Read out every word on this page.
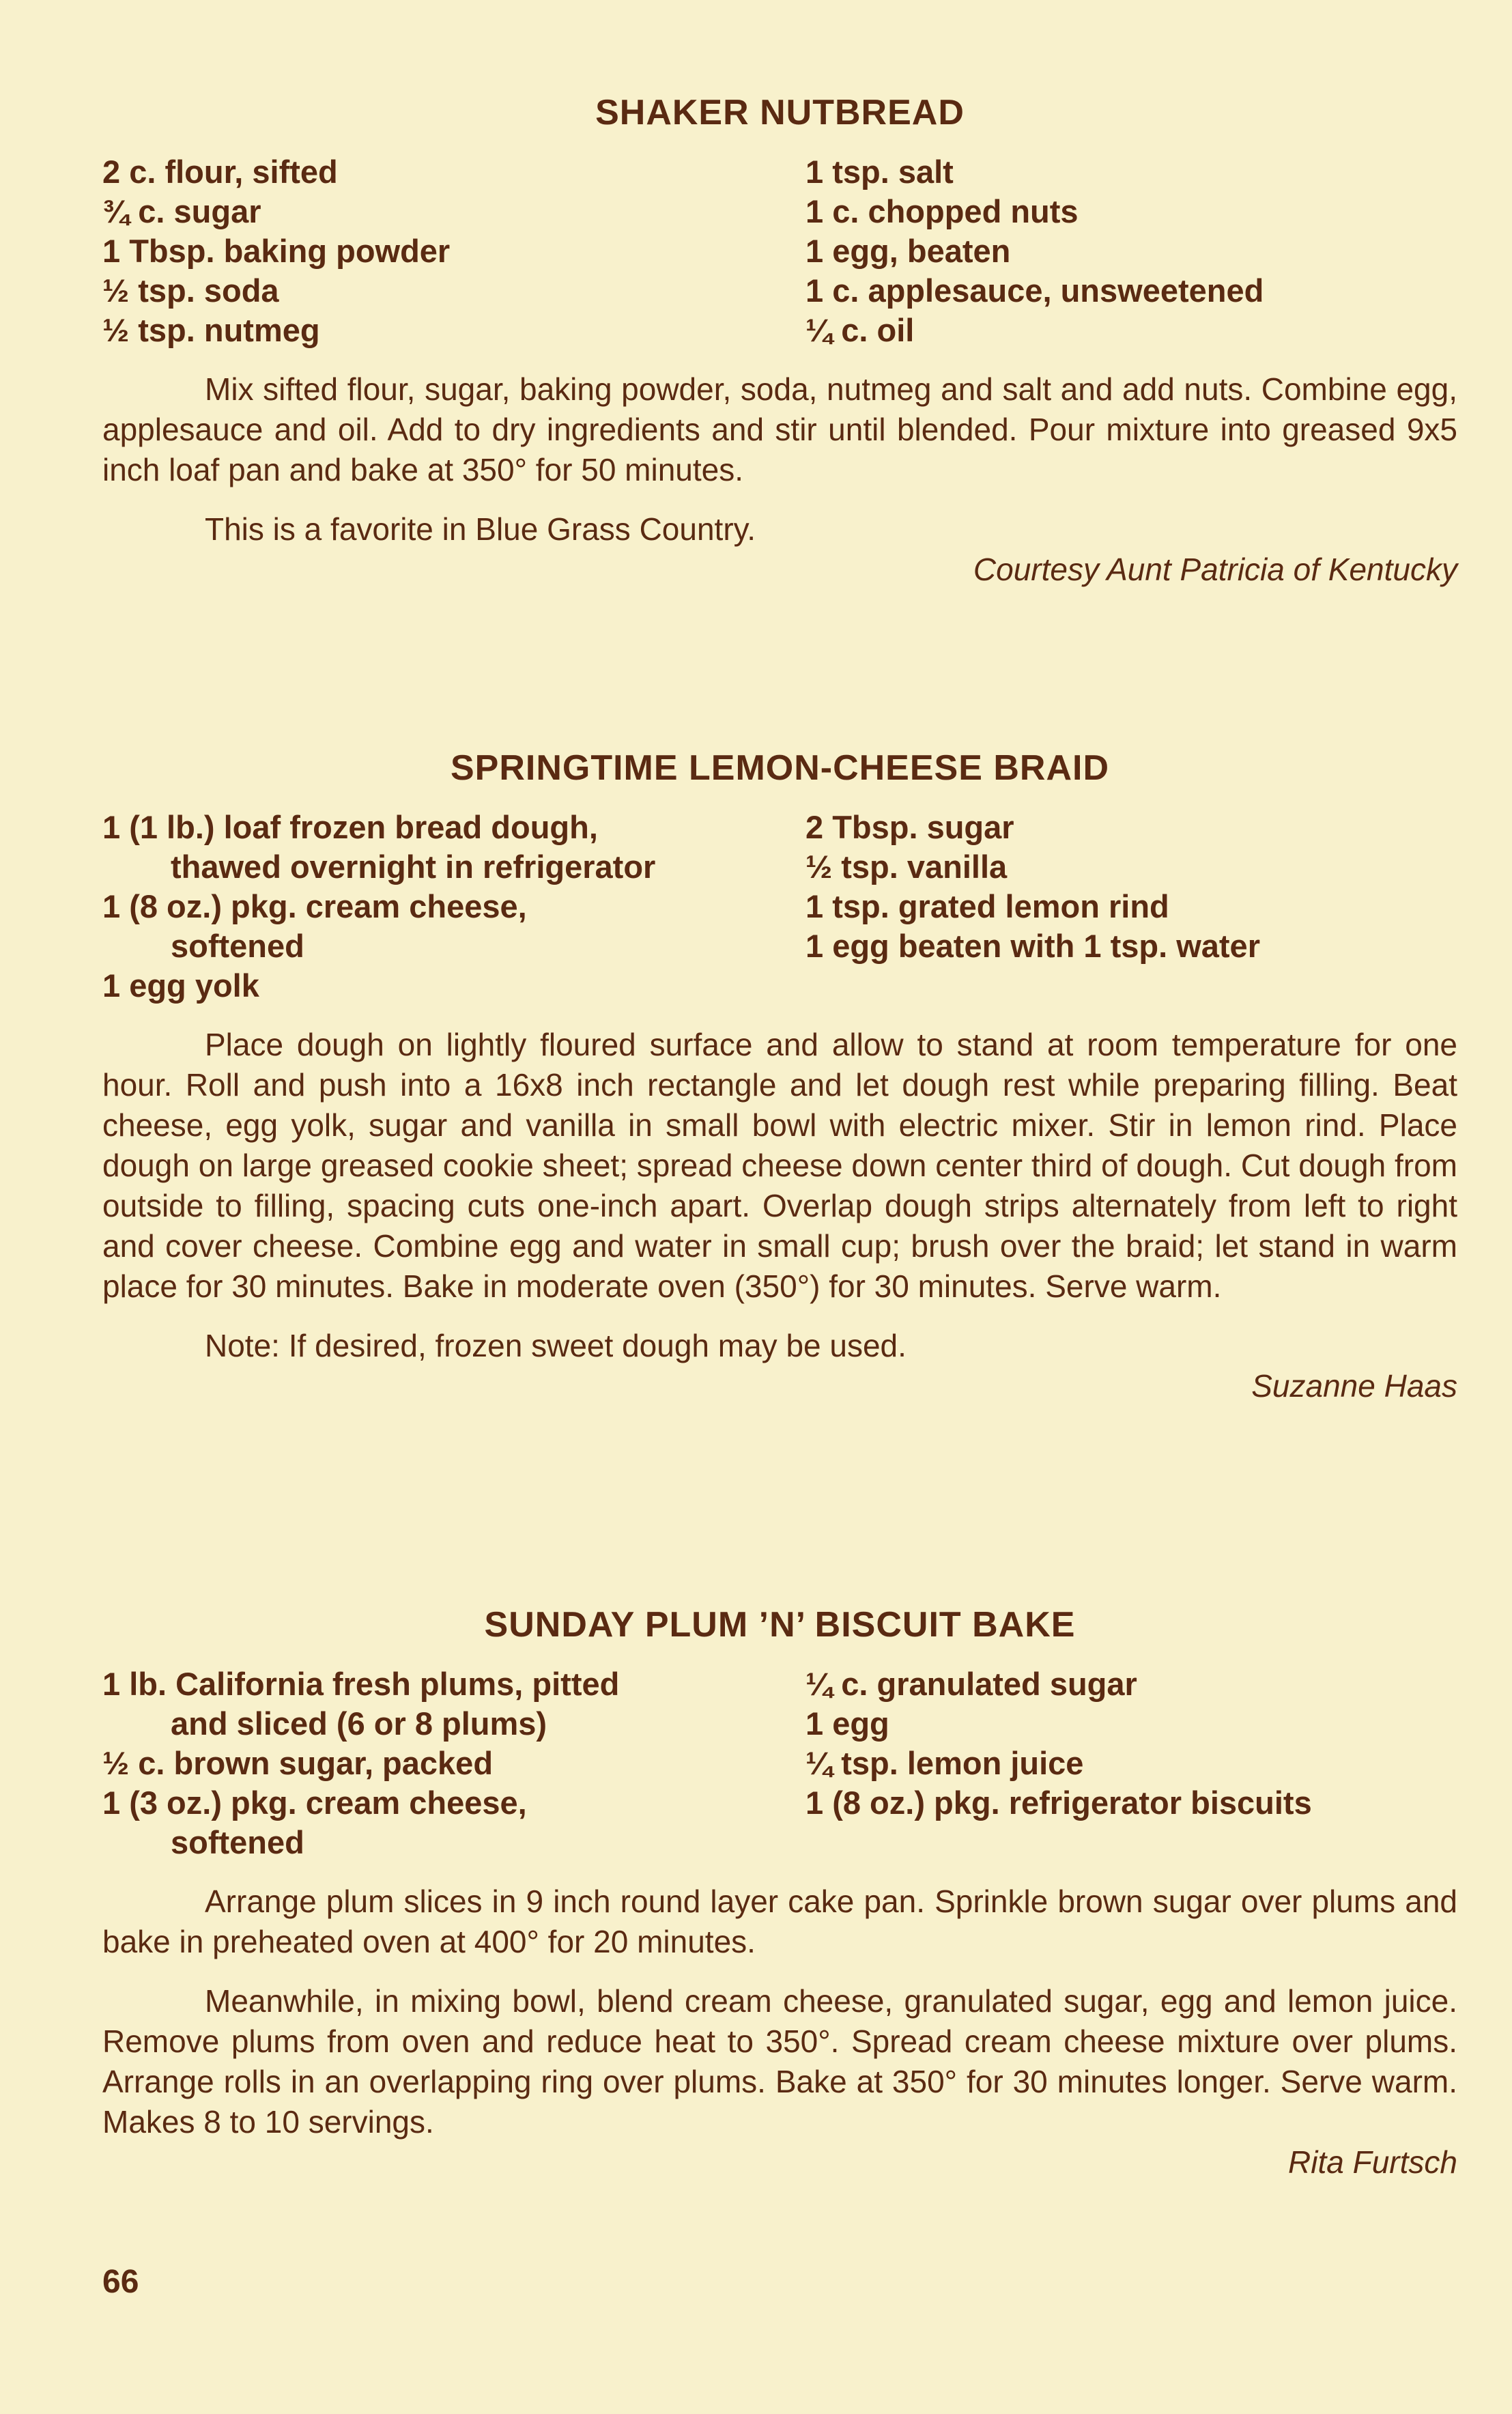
SHAKER NUTBREAD

2 c. flour, sifted

¾ c. sugar

1 Tbsp. baking powder

½ tsp. soda

½ tsp. nutmeg

1 tsp. salt

1 c. chopped nuts

1 egg, beaten

1 c. applesauce, unsweetened

¼ c. oil

Mix sifted flour, sugar, baking powder, soda, nutmeg and salt and add nuts. Combine egg, applesauce and oil. Add to dry ingredients and stir until blended. Pour mixture into greased 9x5 inch loaf pan and bake at 350° for 50 minutes.

This is a favorite in Blue Grass Country.

Courtesy Aunt Patricia of Kentucky

SPRINGTIME LEMON-CHEESE BRAID

1 (1 lb.) loaf frozen bread dough,
thawed overnight in refrigerator

1 (8 oz.) pkg. cream cheese,
softened

1 egg yolk

2 Tbsp. sugar

½ tsp. vanilla

1 tsp. grated lemon rind

1 egg beaten with 1 tsp. water

Place dough on lightly floured surface and allow to stand at room temperature for one hour. Roll and push into a 16x8 inch rectangle and let dough rest while preparing filling. Beat cheese, egg yolk, sugar and vanilla in small bowl with electric mixer. Stir in lemon rind. Place dough on large greased cookie sheet; spread cheese down center third of dough. Cut dough from outside to filling, spacing cuts one-inch apart. Overlap dough strips alternately from left to right and cover cheese. Combine egg and water in small cup; brush over the braid; let stand in warm place for 30 minutes. Bake in moderate oven (350°) for 30 minutes. Serve warm.

Note: If desired, frozen sweet dough may be used.

Suzanne Haas

SUNDAY PLUM ’N’ BISCUIT BAKE

1 lb. California fresh plums, pitted
and sliced (6 or 8 plums)

½ c. brown sugar, packed

1 (3 oz.) pkg. cream cheese,
softened

¼ c. granulated sugar

1 egg

¼ tsp. lemon juice

1 (8 oz.) pkg. refrigerator biscuits

Arrange plum slices in 9 inch round layer cake pan. Sprinkle brown sugar over plums and bake in preheated oven at 400° for 20 minutes.

Meanwhile, in mixing bowl, blend cream cheese, granulated sugar, egg and lemon juice. Remove plums from oven and reduce heat to 350°. Spread cream cheese mixture over plums. Arrange rolls in an overlapping ring over plums. Bake at 350° for 30 minutes longer. Serve warm. Makes 8 to 10 servings.

Rita Furtsch

66
